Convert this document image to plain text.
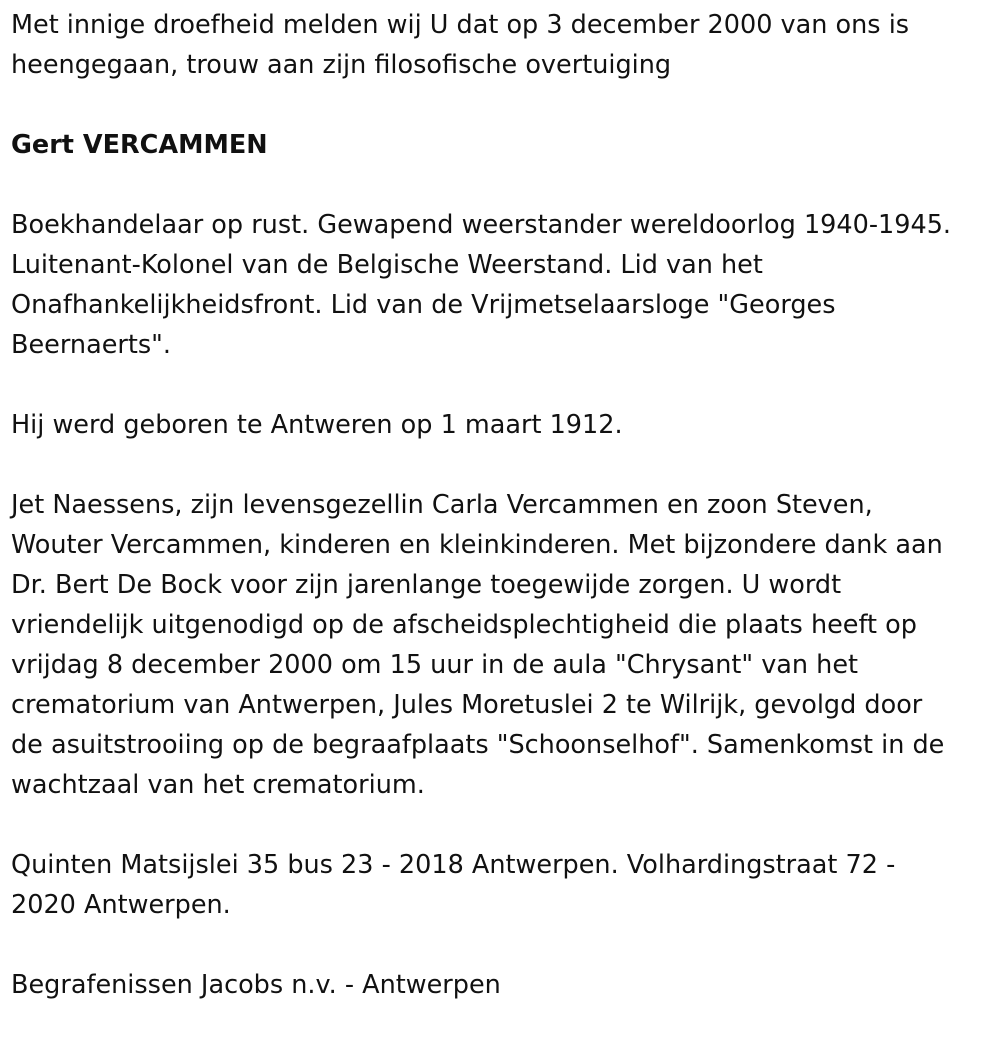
Met innige droefheid melden wij U dat op 3 december 2000 van ons is
heengegaan, trouw aan zijn filosofische overtuiging
Gert VERCAMMEN
Boekhandelaar op rust. Gewapend weerstander wereldoorlog 1940-1945.
Luitenant-Kolonel van de Belgische Weerstand. Lid van het
Onafhankelijkheidsfront. Lid van de Vrijmetselaarsloge "Georges
Beernaerts".
Hij werd geboren te Antweren op 1 maart 1912.
Jet Naessens, zijn levensgezellin Carla Vercammen en zoon Steven,
Wouter Vercammen, kinderen en kleinkinderen. Met bijzondere dank aan
Dr. Bert De Bock voor zijn jarenlange toegewijde zorgen. U wordt
vriendelijk uitgenodigd op de afscheidsplechtigheid die plaats heeft op
vrijdag 8 december 2000 om 15 uur in de aula "Chrysant" van het
crematorium van Antwerpen, Jules Moretuslei 2 te Wilrijk, gevolgd door
de asuitstrooiing op de begraafplaats "Schoonselhof". Samenkomst in de
wachtzaal van het crematorium.
Quinten Matsijslei 35 bus 23 - 2018 Antwerpen. Volhardingstraat 72 -
2020 Antwerpen.
Begrafenissen Jacobs n.v. - Antwerpen
